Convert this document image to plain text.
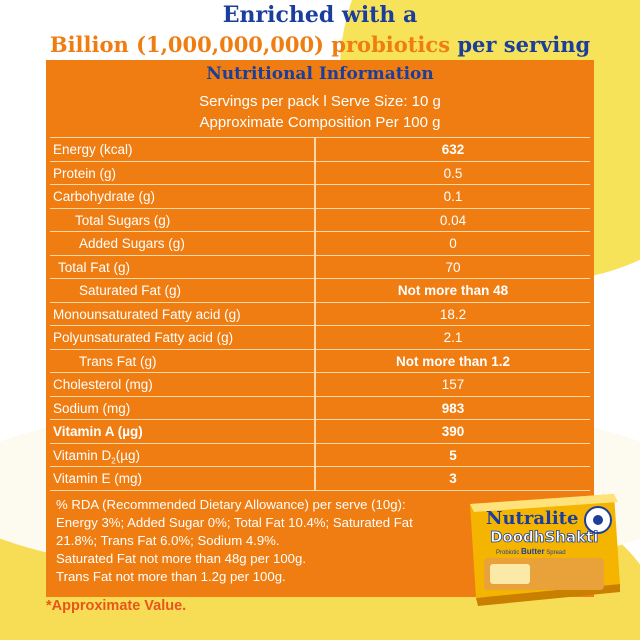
Enriched with a
Billion (1,000,000,000) probiotics per serving
Nutritional Information
Servings per pack l Serve Size: 10 g
Approximate Composition Per 100 g
Energy (kcal)	632
Protein (g)	0.5
Carbohydrate (g)	0.1
Total Sugars (g)	0.04
Added Sugars (g)	0
Total Fat (g)	70
Saturated Fat (g)	Not more than 48
Monounsaturated Fatty acid (g)	18.2
Polyunsaturated Fatty acid (g)	2.1
Trans Fat (g)	Not more than 1.2
Cholesterol (mg)	157
Sodium (mg)	983
Vitamin A (µg)	390
Vitamin $D_2(\mu g)$	5
Vitamin E (mg)	3
% RDA (Recommended Dietary Allowance) per serve (10g):
Energy 3%; Added Sugar 0%; Total Fat 10.4%; Saturated Fat
21.8%; Trans Fat 6.0%; Sodium 4.9%.
Saturated Fat not more than 48g per 100g.
Trans Fat not more than 1.2g per 100g.
*Approximate Value.
Nutralite
DoodhShakti
Probiotic Butter Spread
